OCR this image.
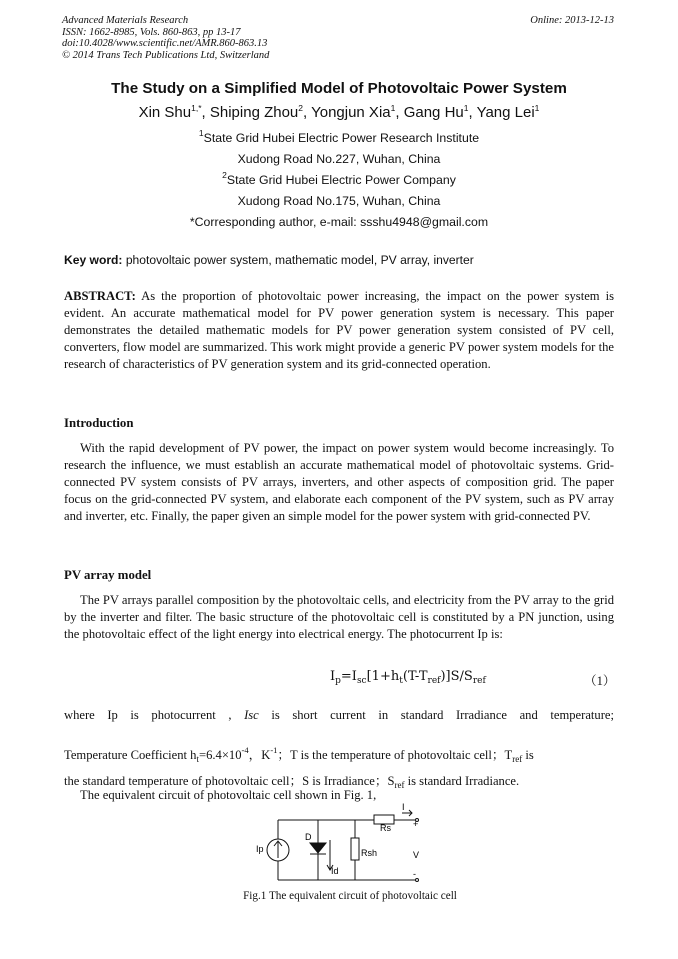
Advanced Materials Research
ISSN: 1662-8985, Vols. 860-863, pp 13-17
doi:10.4028/www.scientific.net/AMR.860-863.13
© 2014 Trans Tech Publications Ltd, Switzerland
Online: 2013-12-13
The Study on a Simplified Model of Photovoltaic Power System
Xin Shu$^{1,*}$, Shiping Zhou$^2$, Yongjun Xia$^1$, Gang Hu$^1$, Yang Lei$^1$
$^1$State Grid Hubei Electric Power Research Institute
Xudong Road No.227, Wuhan, China
$^2$State Grid Hubei Electric Power Company
Xudong Road No.175, Wuhan, China
*Corresponding author, e-mail: ssshu4948@gmail.com
Key word: photovoltaic power system, mathematic model, PV array, inverter
ABSTRACT: As the proportion of photovoltaic power increasing, the impact on the power system is evident. An accurate mathematical model for PV power generation system is necessary. This paper demonstrates the detailed mathematic models for PV power generation system consisted of PV cell, converters, flow model are summarized. This work might provide a generic PV power system models for the research of characteristics of PV generation system and its grid-connected operation.
Introduction
With the rapid development of PV power, the impact on power system would become increasingly. To research the influence, we must establish an accurate mathematical model of photovoltaic systems. Grid-connected PV system consists of PV arrays, inverters, and other aspects of composition grid. The paper focus on the grid-connected PV system, and elaborate each component of the PV system, such as PV array and inverter, etc. Finally, the paper given an simple model for the power system with grid-connected PV.
PV array model
The PV arrays parallel composition by the photovoltaic cells, and electricity from the PV array to the grid by the inverter and filter. The basic structure of the photovoltaic cell is constituted by a PN junction, using the photovoltaic effect of the light energy into electrical energy. The photocurrent Ip is:
$I_p=I_{sc}[1+h_t(T-T_{ref})]S/S_{ref}$	（1）
where Ip is photocurrent , Isc is short current in standard Irradiance and temperature;
Temperature Coefficient $h_t=6.4\times 10^{-4}$，$K^{-1}$；T is the temperature of photovoltaic cell；$T_{ref}$ is
the standard temperature of photovoltaic cell；S is Irradiance；$S_{ref}$ is standard Irradiance.
The equivalent circuit of photovoltaic cell shown in Fig. 1,
Ip
D
Id
Rsh
Rs
I
+
V
-
Fig.1 The equivalent circuit of photovoltaic cell
